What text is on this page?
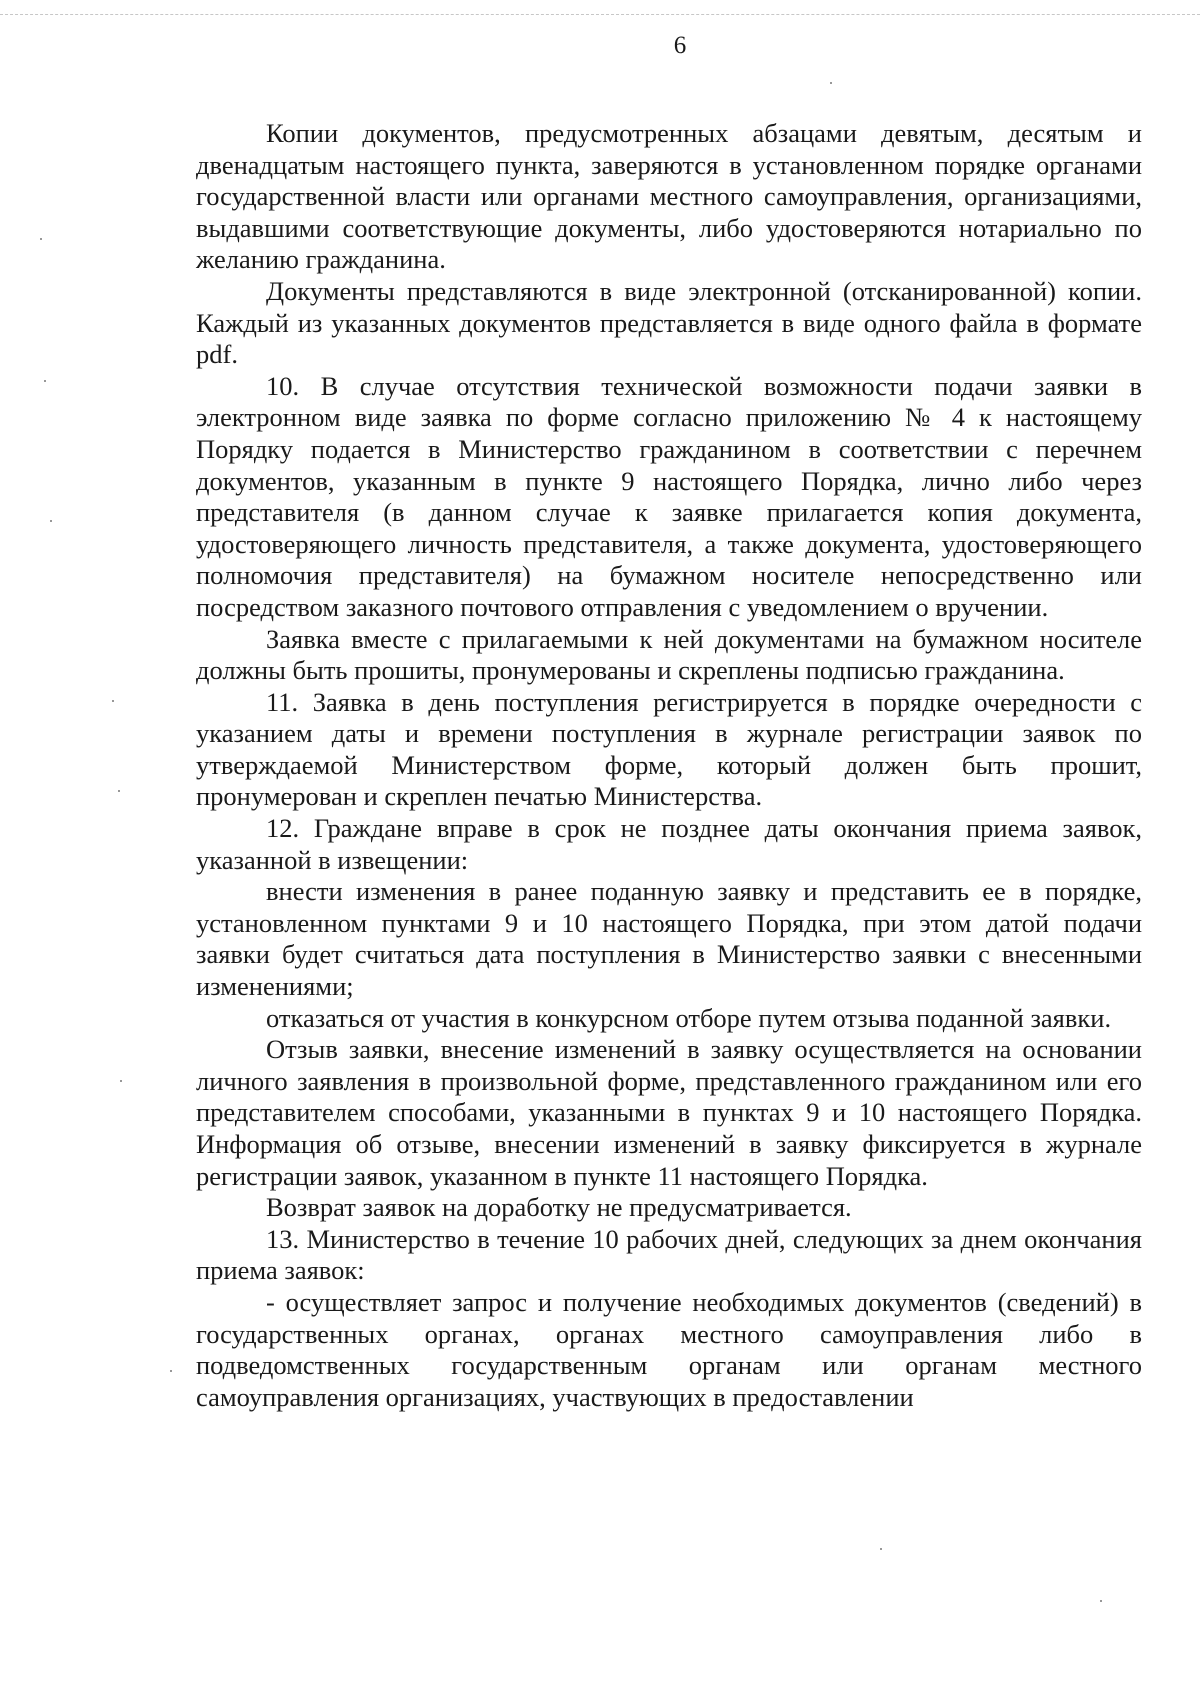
6

Копии документов, предусмотренных абзацами девятым, десятым и двенадцатым настоящего пункта, заверяются в установленном порядке органами государственной власти или органами местного самоуправления, организациями, выдавшими соответствующие документы, либо удостоверяются нотариально по желанию гражданина.

Документы представляются в виде электронной (отсканированной) копии. Каждый из указанных документов представляется в виде одного файла в формате pdf.

10. В случае отсутствия технической возможности подачи заявки в электронном виде заявка по форме согласно приложению № 4 к настоящему Порядку подается в Министерство гражданином в соответствии с перечнем документов, указанным в пункте 9 настоящего Порядка, лично либо через представителя (в данном случае к заявке прилагается копия документа, удостоверяющего личность представителя, а также документа, удостоверяющего полномочия представителя) на бумажном носителе непосредственно или посредством заказного почтового отправления с уведомлением о вручении.

Заявка вместе с прилагаемыми к ней документами на бумажном носителе должны быть прошиты, пронумерованы и скреплены подписью гражданина.

11. Заявка в день поступления регистрируется в порядке очередности с указанием даты и времени поступления в журнале регистрации заявок по утверждаемой Министерством форме, который должен быть прошит, пронумерован и скреплен печатью Министерства.

12. Граждане вправе в срок не позднее даты окончания приема заявок, указанной в извещении:

внести изменения в ранее поданную заявку и представить ее в порядке, установленном пунктами 9 и 10 настоящего Порядка, при этом датой подачи заявки будет считаться дата поступления в Министерство заявки с внесенными изменениями;

отказаться от участия в конкурсном отборе путем отзыва поданной заявки.

Отзыв заявки, внесение изменений в заявку осуществляется на основании личного заявления в произвольной форме, представленного гражданином или его представителем способами, указанными в пунктах 9 и 10 настоящего Порядка. Информация об отзыве, внесении изменений в заявку фиксируется в журнале регистрации заявок, указанном в пункте 11 настоящего Порядка.

Возврат заявок на доработку не предусматривается.

13. Министерство в течение 10 рабочих дней, следующих за днем окончания приема заявок:

- осуществляет запрос и получение необходимых документов (сведений) в государственных органах, органах местного самоуправления либо в подведомственных государственным органам или органам местного самоуправления организациях, участвующих в предоставлении
